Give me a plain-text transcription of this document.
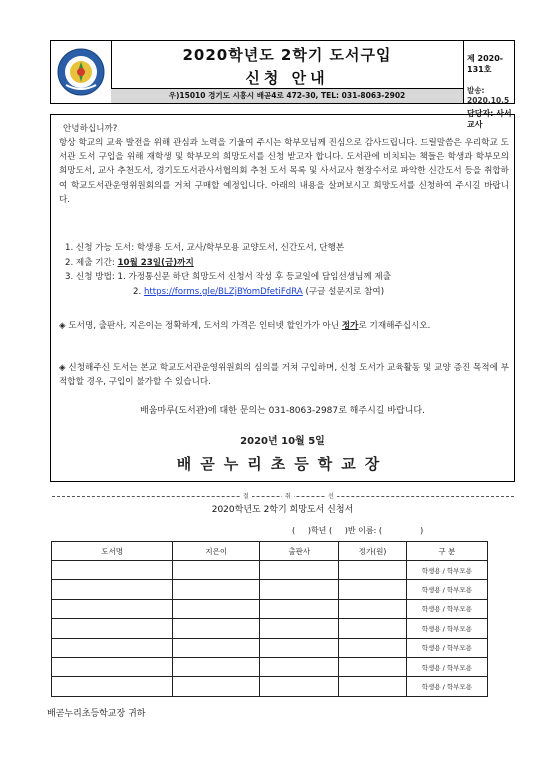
2020학년도 2학기 도서구입
신청 안내
우)15010 경기도 시흥시 배곧4로 472-30, TEL: 031-8063-2902
제 2020-131호
발송: 2020.10.5
담당자: 사서교사
안녕하십니까?
항상 학교의 교육 발전을 위해 관심과 노력을 기울여 주시는 학부모님께 진심으로 감사드립니다. 드릴말씀은 우리학교 도서관 도서 구입을 위해 재학생 및 학부모의 희망도서를 신청 받고자 합니다. 도서관에 비치되는 책들은 학생과 학부모의 희망도서, 교사 추천도서, 경기도도서관사서협의회 추천 도서 목록 및 사서교사 현장수서로 파악한 신간도서 등을 취합하여 학교도서관운영위원회의를 거쳐 구매할 예정입니다. 아래의 내용을 살펴보시고 희망도서를 신청하여 주시길 바랍니다.
1. 신청 가능 도서: 학생용 도서, 교사/학부모용 교양도서, 신간도서, 단행본
2. 제출 기간: 10월 23일(금)까지
3. 신청 방법: 1. 가정통신문 하단 희망도서 신청서 작성 후 등교일에 담임선생님께 제출
2. https://forms.gle/BLZjBYomDfetiFdRA (구글 설문지로 참여)
◈ 도서명, 출판사, 지은이는 정확하게, 도서의 가격은 인터넷 할인가가 아닌 정가로 기재해주십시오.
◈ 신청해주신 도서는 본교 학교도서관운영위원회의 심의를 거쳐 구입하며, 신청 도서가 교육활동 및 교양 증진 목적에 부적합할 경우, 구입이 불가할 수 있습니다.
배움마루(도서관)에 대한 문의는 031-8063-2987로 해주시길 바랍니다.
2020년 10월 5일
배곧누리초등학교장
절	취	선
2020학년도 2학기 희망도서 신청서
(     )학년 (     )반 이름: (               )
도서명	지은이	출판사	정가(원)	구 분
				학생용 / 학부모용
				학생용 / 학부모용
				학생용 / 학부모용
				학생용 / 학부모용
				학생용 / 학부모용
				학생용 / 학부모용
				학생용 / 학부모용
배곧누리초등학교장 귀하
